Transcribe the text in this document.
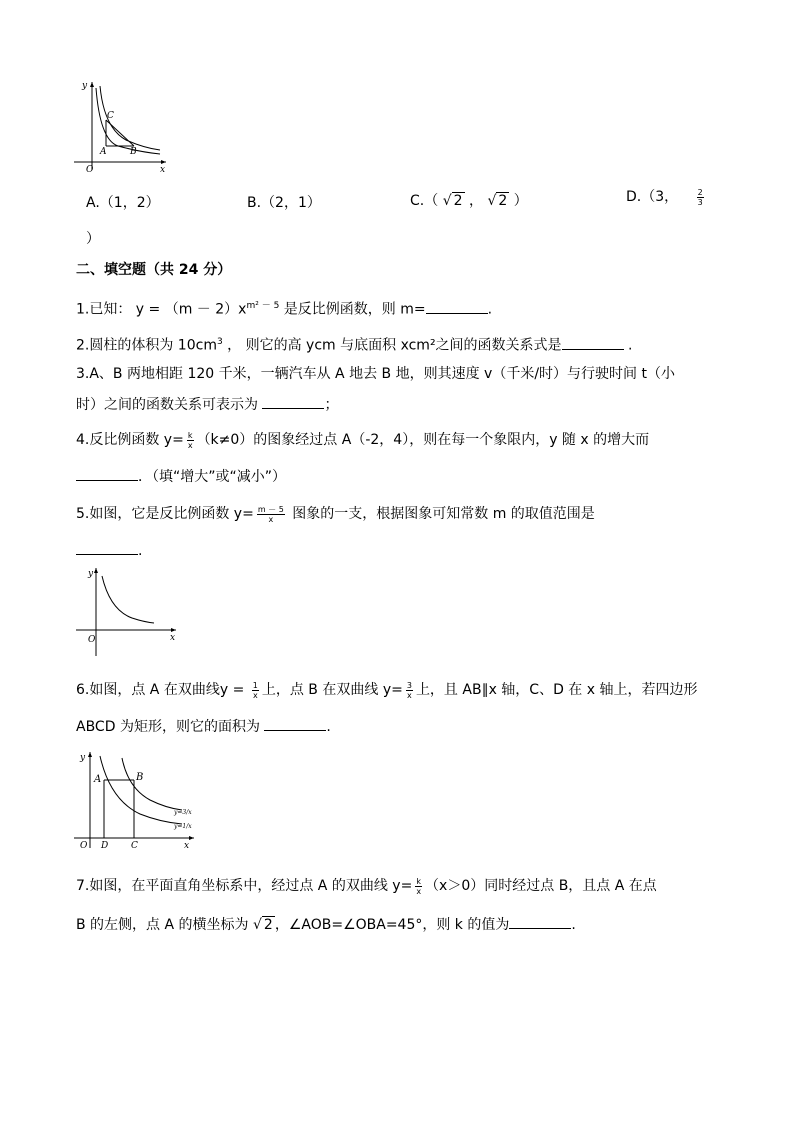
y
O	x
C
A	B
A.（1，2）	B.（2，1）	C.（ √ 2 ， √ 2 ）	D.（3， $\frac{2}{3}$
）
二、填空题（共 24 分）
1.已知： $y = (m - 2)x^{m^2 - 5}$ 是反比例函数，则 m=	.
2.圆柱的体积为 $10cm^3$ ， 则它的高 ycm 与底面积 xcm²之间的函数关系式是	.
3.A、B 两地相距 120 千米，一辆汽车从 A 地去 B 地，则其速度 v（千米/时）与行驶时间 t（小
时）之间的函数关系可表示为	；
4.反比例函数 $y= \frac{k}{x} (k\ne 0)$的图象经过点 A（-2，4），则在每一个象限内，y 随 x 的增大而
．（填“增大”或“减小”）
5.如图，它是反比例函数 $y= \frac{m - 5}{x}$ 图象的一支，根据图象可知常数 m 的取值范围是
.
y
O	x
6.如图，点 A 在双曲线$y = \frac{1}{x}$ 上，点 B 在双曲线 $y= \frac{3}{x}$ 上，且 AB∥x 轴，C、D 在 x 轴上，若四边形
ABCD 为矩形，则它的面积为	.
y
A	B
O D	C	x
y=3/x
y=1/x
7.如图，在平面直角坐标系中，经过点 A 的双曲线 $y= \frac{k}{x} (x>0)$同时经过点 B，且点 A 在点
B 的左侧，点 A 的横坐标为 √ 2 ，∠AOB=∠OBA=45°，则 k 的值为	.
